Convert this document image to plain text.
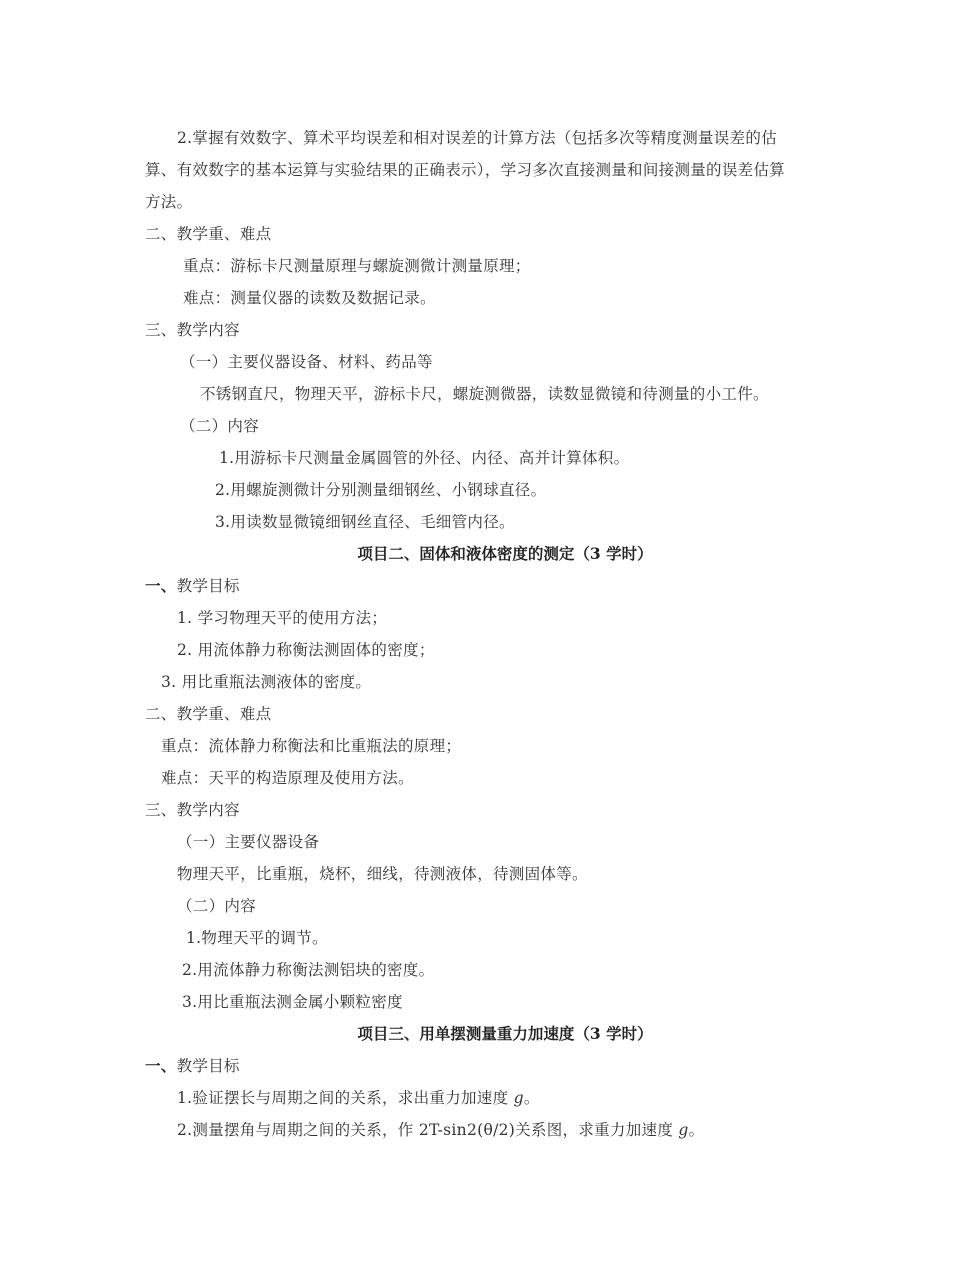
2.掌握有效数字、算术平均误差和相对误差的计算方法（包括多次等精度测量误差的估
算、有效数字的基本运算与实验结果的正确表示），学习多次直接测量和间接测量的误差估算
方法。
二、教学重、难点
重点：游标卡尺测量原理与螺旋测微计测量原理；
难点：测量仪器的读数及数据记录。
三、教学内容
（一）主要仪器设备、材料、药品等
不锈钢直尺，物理天平，游标卡尺，螺旋测微器，读数显微镜和待测量的小工件。
（二）内容
1.用游标卡尺测量金属圆管的外径、内径、高并计算体积。
2.用螺旋测微计分别测量细钢丝、小钢球直径。
3.用读数显微镜细钢丝直径、毛细管内径。
项目二、固体和液体密度的测定（3 学时）
一、教学目标
1. 学习物理天平的使用方法；
2. 用流体静力称衡法测固体的密度；
3. 用比重瓶法测液体的密度。
二、教学重、难点
重点：流体静力称衡法和比重瓶法的原理；
难点：天平的构造原理及使用方法。
三、教学内容
（一）主要仪器设备
物理天平，比重瓶，烧杯，细线，待测液体，待测固体等。
（二）内容
1.物理天平的调节。
2.用流体静力称衡法测铝块的密度。
3.用比重瓶法测金属小颗粒密度
项目三、用单摆测量重力加速度（3 学时）
一、教学目标
1.验证摆长与周期之间的关系，求出重力加速度 g。
2.测量摆角与周期之间的关系，作 2T-sin2(θ/2)关系图，求重力加速度 g。
